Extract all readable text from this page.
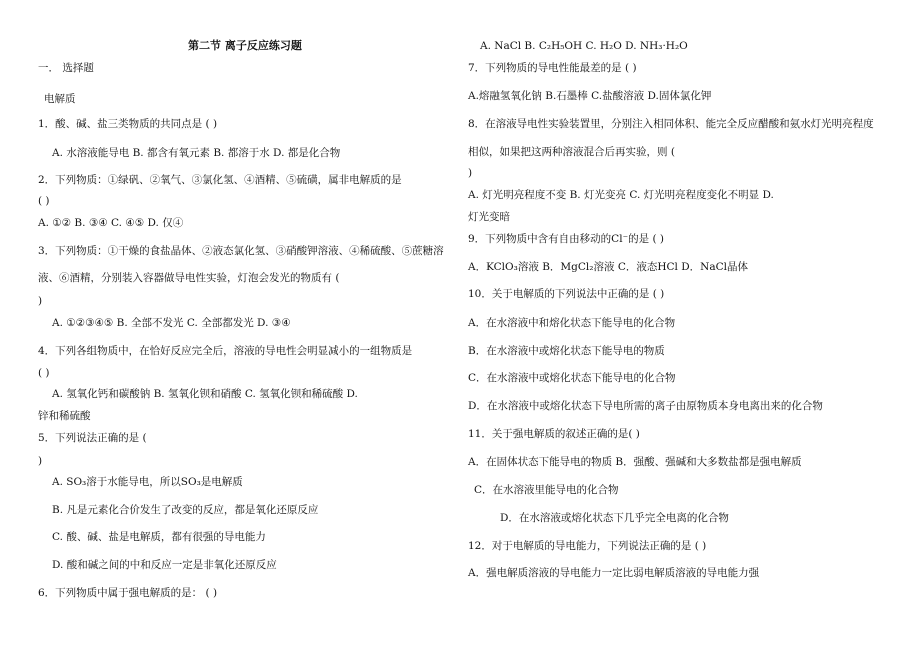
第二节 离子反应练习题
一． 选择题
电解质
1．酸、碱、盐三类物质的共同点是 ( )
A. 水溶液能导电 B. 都含有氧元素 B. 都溶于水 D. 都是化合物
2．下列物质：①绿矾、②氧气、③氯化氢、④酒精、⑤硫磺，属非电解质的是
( )
A. ①② B. ③④ C. ④⑤ D. 仅④
3．下列物质：①干燥的食盐晶体、②液态氯化氢、③硝酸钾溶液、④稀硫酸、⑤蔗糖溶
液、⑥酒精，分别装入容器做导电性实验，灯泡会发光的物质有 (
)
A. ①②③④⑤ B. 全部不发光 C. 全部都发光 D. ③④
4．下列各组物质中，在恰好反应完全后，溶液的导电性会明显减小的一组物质是
( )
A. 氢氧化钙和碳酸钠 B. 氢氧化钡和硝酸 C. 氢氧化钡和稀硫酸 D.
锌和稀硫酸
5．下列说法正确的是 (
)
A. SO₃溶于水能导电，所以SO₃是电解质
B. 凡是元素化合价发生了改变的反应，都是氧化还原反应
C. 酸、碱、盐是电解质，都有很强的导电能力
D. 酸和碱之间的中和反应一定是非氧化还原反应
6．下列物质中属于强电解质的是： ( )
A. NaCl B. C₂H₅OH C. H₂O D. NH₃·H₂O
7．下列物质的导电性能最差的是 ( )
A.熔融氢氧化钠 B.石墨棒 C.盐酸溶液 D.固体氯化钾
8．在溶液导电性实验装置里，分别注入相同体积、能完全反应醋酸和氨水灯光明亮程度
相似，如果把这两种溶液混合后再实验，则 (
)
A. 灯光明亮程度不变 B. 灯光变亮 C. 灯光明亮程度变化不明显 D.
灯光变暗
9．下列物质中含有自由移动的Cl⁻的是 ( )
A．KClO₃溶液 B．MgCl₂溶液 C．液态HCl D．NaCl晶体
10．关于电解质的下列说法中正确的是 ( )
A．在水溶液中和熔化状态下能导电的化合物
B．在水溶液中或熔化状态下能导电的物质
C．在水溶液中或熔化状态下能导电的化合物
D．在水溶液中或熔化状态下导电所需的离子由原物质本身电离出来的化合物
11．关于强电解质的叙述正确的是( )
A．在固体状态下能导电的物质 B．强酸、强碱和大多数盐都是强电解质
C．在水溶液里能导电的化合物
D．在水溶液或熔化状态下几乎完全电离的化合物
12．对于电解质的导电能力，下列说法正确的是 ( )
A．强电解质溶液的导电能力一定比弱电解质溶液的导电能力强
